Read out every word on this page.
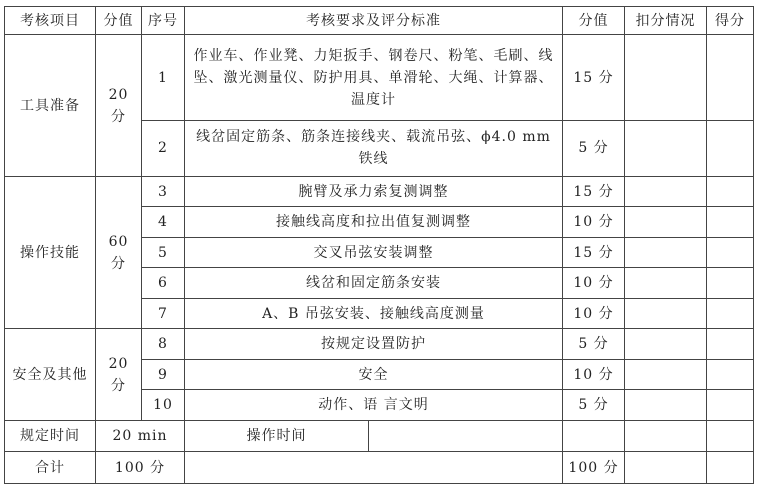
考核项目	分值	序号	考核要求及评分标准		分值	扣分情况	得分
工具准备	20 分	1	作业车、作业凳、力矩扳手、钢卷尺、粉笔、毛刷、线坠、激光测量仪、防护用具、单滑轮、大绳、计算器、温度计		15 分		
		2	线岔固定筋条、筋条连接线夹、载流吊弦、ϕ4.0 mm 铁线		5 分		
操作技能	60 分	3	腕臂及承力索复测调整		15 分		
		4	接触线高度和拉出值复测调整		10 分		
		5	交叉吊弦安装调整		15 分		
		6	线岔和固定筋条安装		10 分		
		7	A、B 吊弦安装、接触线高度测量		10 分		
安全及其他	20 分	8	按规定设置防护		5 分		
		9	安全		10 分		
		10	动作、语 言文明		5 分		
规定时间	20 min		操作时间				
合计	100 分				100 分		
